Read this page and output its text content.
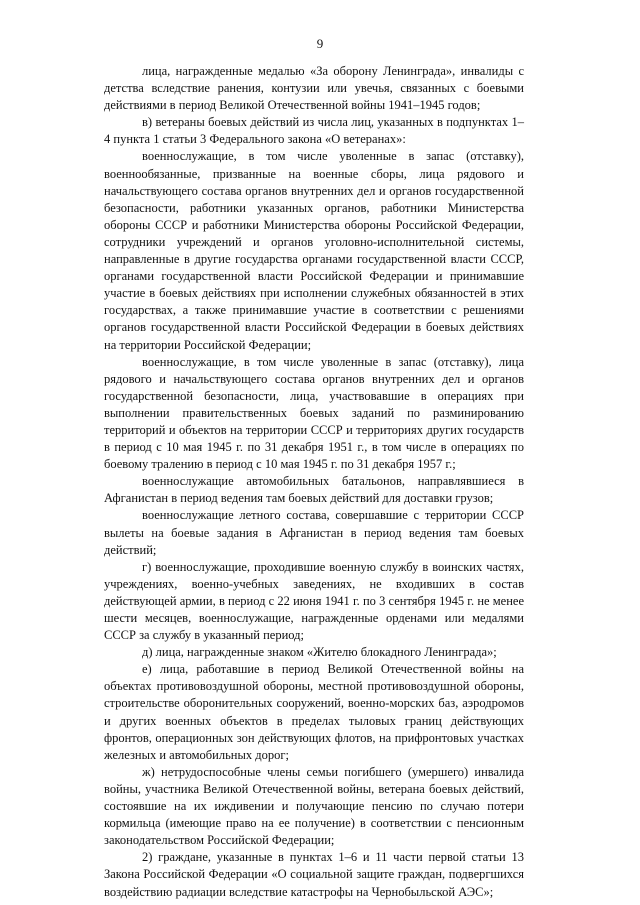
9

лица, награжденные медалью «За оборону Ленинграда», инвалиды с детства вследствие ранения, контузии или увечья, связанных с боевыми действиями в период Великой Отечественной войны 1941–1945 годов;

в) ветераны боевых действий из числа лиц, указанных в подпунктах 1–4 пункта 1 статьи 3 Федерального закона «О ветеранах»:

военнослужащие, в том числе уволенные в запас (отставку), военнообязанные, призванные на военные сборы, лица рядового и начальствующего состава органов внутренних дел и органов государственной безопасности, работники указанных органов, работники Министерства обороны СССР и работники Министерства обороны Российской Федерации, сотрудники учреждений и органов уголовно-исполнительной системы, направленные в другие государства органами государственной власти СССР, органами государственной власти Российской Федерации и принимавшие участие в боевых действиях при исполнении служебных обязанностей в этих государствах, а также принимавшие участие в соответствии с решениями органов государственной власти Российской Федерации в боевых действиях на территории Российской Федерации;

военнослужащие, в том числе уволенные в запас (отставку), лица рядового и начальствующего состава органов внутренних дел и органов государственной безопасности, лица, участвовавшие в операциях при выполнении правительственных боевых заданий по разминированию территорий и объектов на территории СССР и территориях других государств в период с 10 мая 1945 г. по 31 декабря 1951 г., в том числе в операциях по боевому тралению в период с 10 мая 1945 г. по 31 декабря 1957 г.;

военнослужащие автомобильных батальонов, направлявшиеся в Афганистан в период ведения там боевых действий для доставки грузов;

военнослужащие летного состава, совершавшие с территории СССР вылеты на боевые задания в Афганистан в период ведения там боевых действий;

г) военнослужащие, проходившие военную службу в воинских частях, учреждениях, военно-учебных заведениях, не входивших в состав действующей армии, в период с 22 июня 1941 г. по 3 сентября 1945 г. не менее шести месяцев, военнослужащие, награжденные орденами или медалями СССР за службу в указанный период;

д) лица, награжденные знаком «Жителю блокадного Ленинграда»;

е) лица, работавшие в период Великой Отечественной войны на объектах противовоздушной обороны, местной противовоздушной обороны, строительстве оборонительных сооружений, военно-морских баз, аэродромов и других военных объектов в пределах тыловых границ действующих фронтов, операционных зон действующих флотов, на прифронтовых участках железных и автомобильных дорог;

ж) нетрудоспособные члены семьи погибшего (умершего) инвалида войны, участника Великой Отечественной войны, ветерана боевых действий, состоявшие на их иждивении и получающие пенсию по случаю потери кормильца (имеющие право на ее получение) в соответствии с пенсионным законодательством Российской Федерации;

2) граждане, указанные в пунктах 1–6 и 11 части первой статьи 13 Закона Российской Федерации «О социальной защите граждан, подвергшихся воздействию радиации вследствие катастрофы на Чернобыльской АЭС»;
